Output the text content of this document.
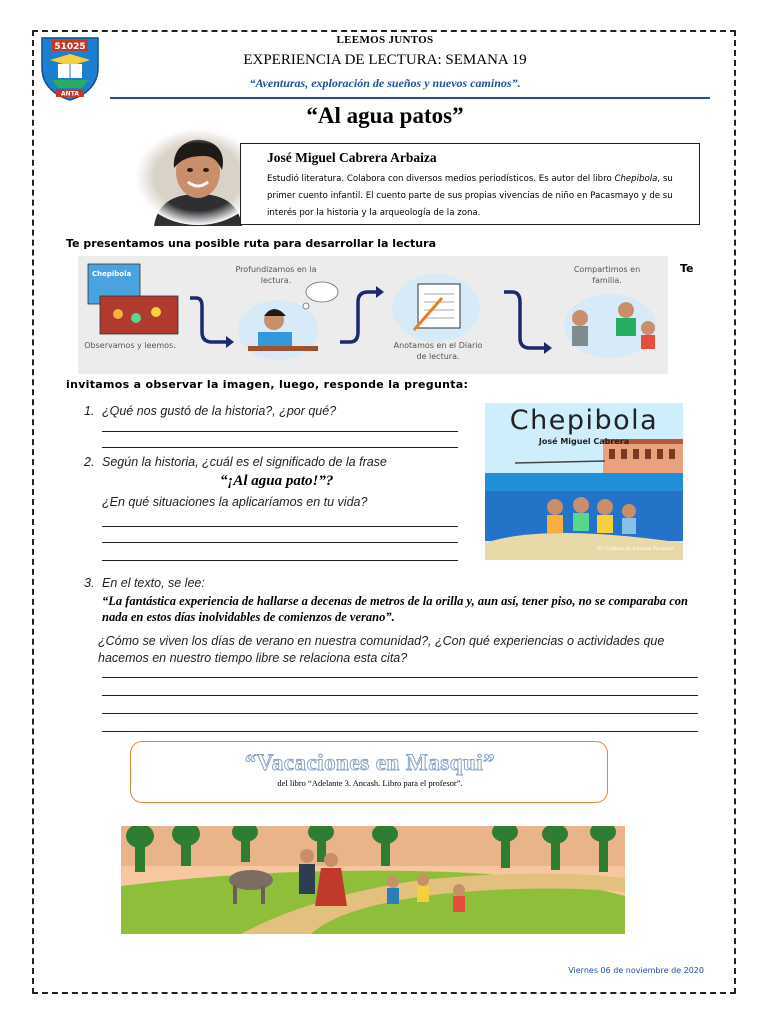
51025
ANTA
LEEMOS JUNTOS
EXPERIENCIA DE LECTURA: SEMANA 19
“Aventuras, exploración de sueños y nuevos caminos”.
“Al agua patos”
José Miguel Cabrera Arbaiza
Estudió literatura. Colabora con diversos medios periodísticos. Es autor del libro Chepibola, su primer cuento infantil. El cuento parte de sus propias vivencias de niño en Pacasmayo y de su interés por la historia y la arqueología de la zona.
Te presentamos una posible ruta para desarrollar la lectura
Chepibola
Observamos y leemos.
Profundizamos en la lectura.
Anotamos en el Diario de lectura.
Compartimos en familia.
Te
invitamos a observar la imagen, luego, responde la pregunta:
1. ¿Qué nos gustó de la historia?, ¿por qué?
2. Según la historia, ¿cuál es el significado de la frase
“¡Al agua pato!”?
¿En qué situaciones la aplicaríamos en tu vida?
Chepibola
José Miguel Cabrera
IEP Instituto de Estudios Peruanos
3. En el texto, se lee:
“La fantástica experiencia de hallarse a decenas de metros de la orilla y, aun así, tener piso, no se comparaba con nada en estos días inolvidables de comienzos de verano”.
¿Cómo se viven los días de verano en nuestra comunidad?, ¿Con qué experiencias o actividades que hacemos en nuestro tiempo libre se relaciona esta cita?
“Vacaciones en Masqui”
del libro “Adelante 3. Ancash. Libro para el profesor”.
Viernes 06 de noviembre de 2020
